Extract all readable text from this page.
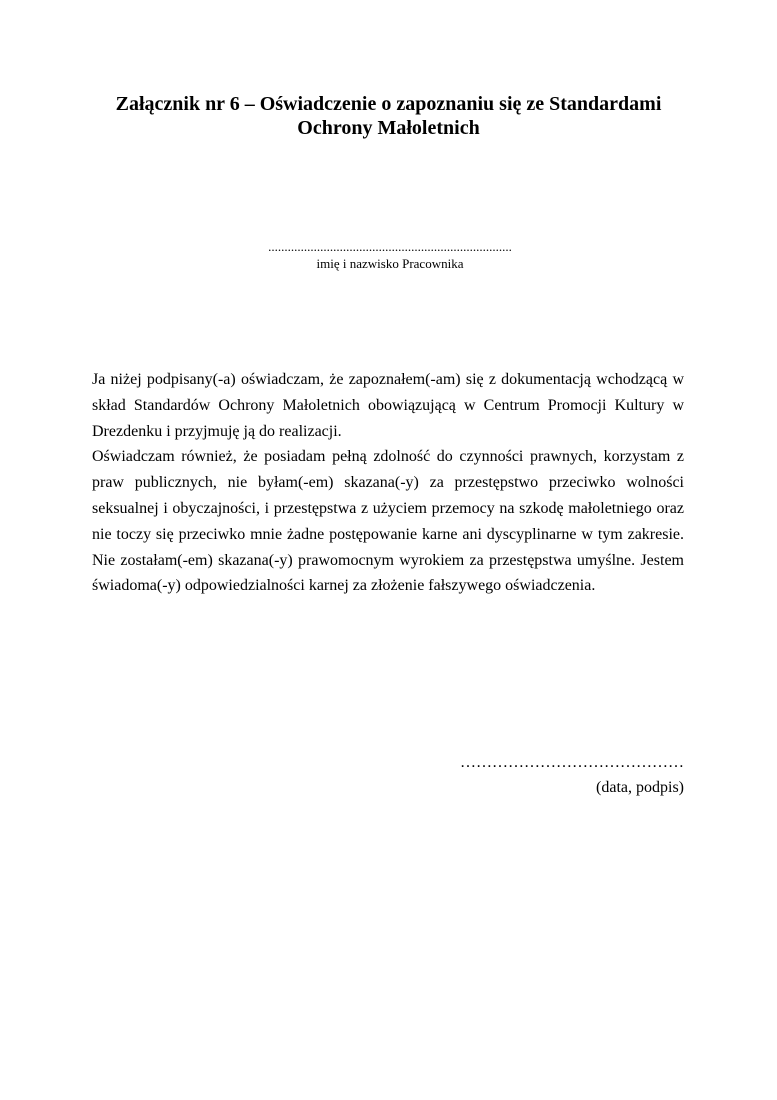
Załącznik nr 6 – Oświadczenie o zapoznaniu się ze Standardami
Ochrony Małoletnich
...........................................................................
imię i nazwisko Pracownika

Ja niżej podpisany(-a) oświadczam, że zapoznałem(-am) się z dokumentacją wchodzącą w skład Standardów Ochrony Małoletnich obowiązującą w Centrum Promocji Kultury w Drezdenku i przyjmuję ją do realizacji.

Oświadczam również, że posiadam pełną zdolność do czynności prawnych, korzystam z praw publicznych, nie byłam(-em) skazana(-y) za przestępstwo przeciwko wolności seksualnej i obyczajności, i przestępstwa z użyciem przemocy na szkodę małoletniego oraz nie toczy się przeciwko mnie żadne postępowanie karne ani dyscyplinarne w tym zakresie. Nie zostałam(-em) skazana(-y) prawomocnym wyrokiem za przestępstwa umyślne. Jestem świadoma(-y) odpowiedzialności karnej za złożenie fałszywego oświadczenia.

……………………………………
(data, podpis)
